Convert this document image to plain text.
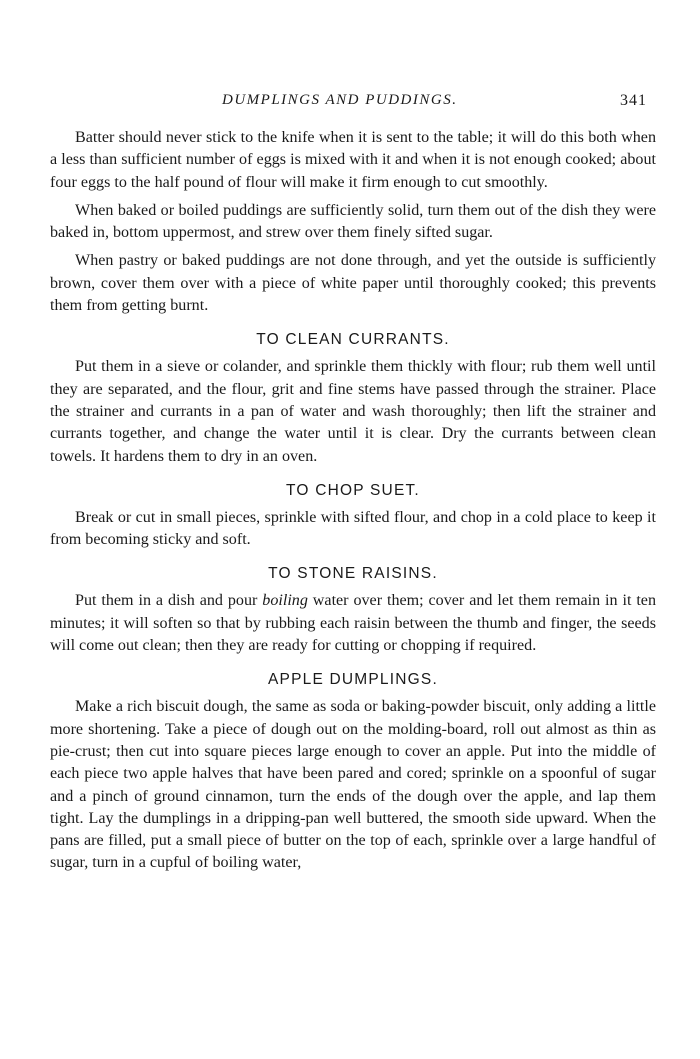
DUMPLINGS AND PUDDINGS.	341

Batter should never stick to the knife when it is sent to the table; it will do this both when a less than sufficient number of eggs is mixed with it and when it is not enough cooked; about four eggs to the half pound of flour will make it firm enough to cut smoothly.

When baked or boiled puddings are sufficiently solid, turn them out of the dish they were baked in, bottom uppermost, and strew over them finely sifted sugar.

When pastry or baked puddings are not done through, and yet the outside is sufficiently brown, cover them over with a piece of white paper until thoroughly cooked; this prevents them from getting burnt.

TO CLEAN CURRANTS.

Put them in a sieve or colander, and sprinkle them thickly with flour; rub them well until they are separated, and the flour, grit and fine stems have passed through the strainer. Place the strainer and currants in a pan of water and wash thoroughly; then lift the strainer and currants together, and change the water until it is clear. Dry the currants between clean towels. It hardens them to dry in an oven.

TO CHOP SUET.

Break or cut in small pieces, sprinkle with sifted flour, and chop in a cold place to keep it from becoming sticky and soft.

TO STONE RAISINS.

Put them in a dish and pour boiling water over them; cover and let them remain in it ten minutes; it will soften so that by rubbing each raisin between the thumb and finger, the seeds will come out clean; then they are ready for cutting or chopping if required.

APPLE DUMPLINGS.

Make a rich biscuit dough, the same as soda or baking-powder biscuit, only adding a little more shortening. Take a piece of dough out on the molding-board, roll out almost as thin as pie-crust; then cut into square pieces large enough to cover an apple. Put into the middle of each piece two apple halves that have been pared and cored; sprinkle on a spoonful of sugar and a pinch of ground cinnamon, turn the ends of the dough over the apple, and lap them tight. Lay the dumplings in a dripping-pan well buttered, the smooth side upward. When the pans are filled, put a small piece of butter on the top of each, sprinkle over a large handful of sugar, turn in a cupful of boiling water,
